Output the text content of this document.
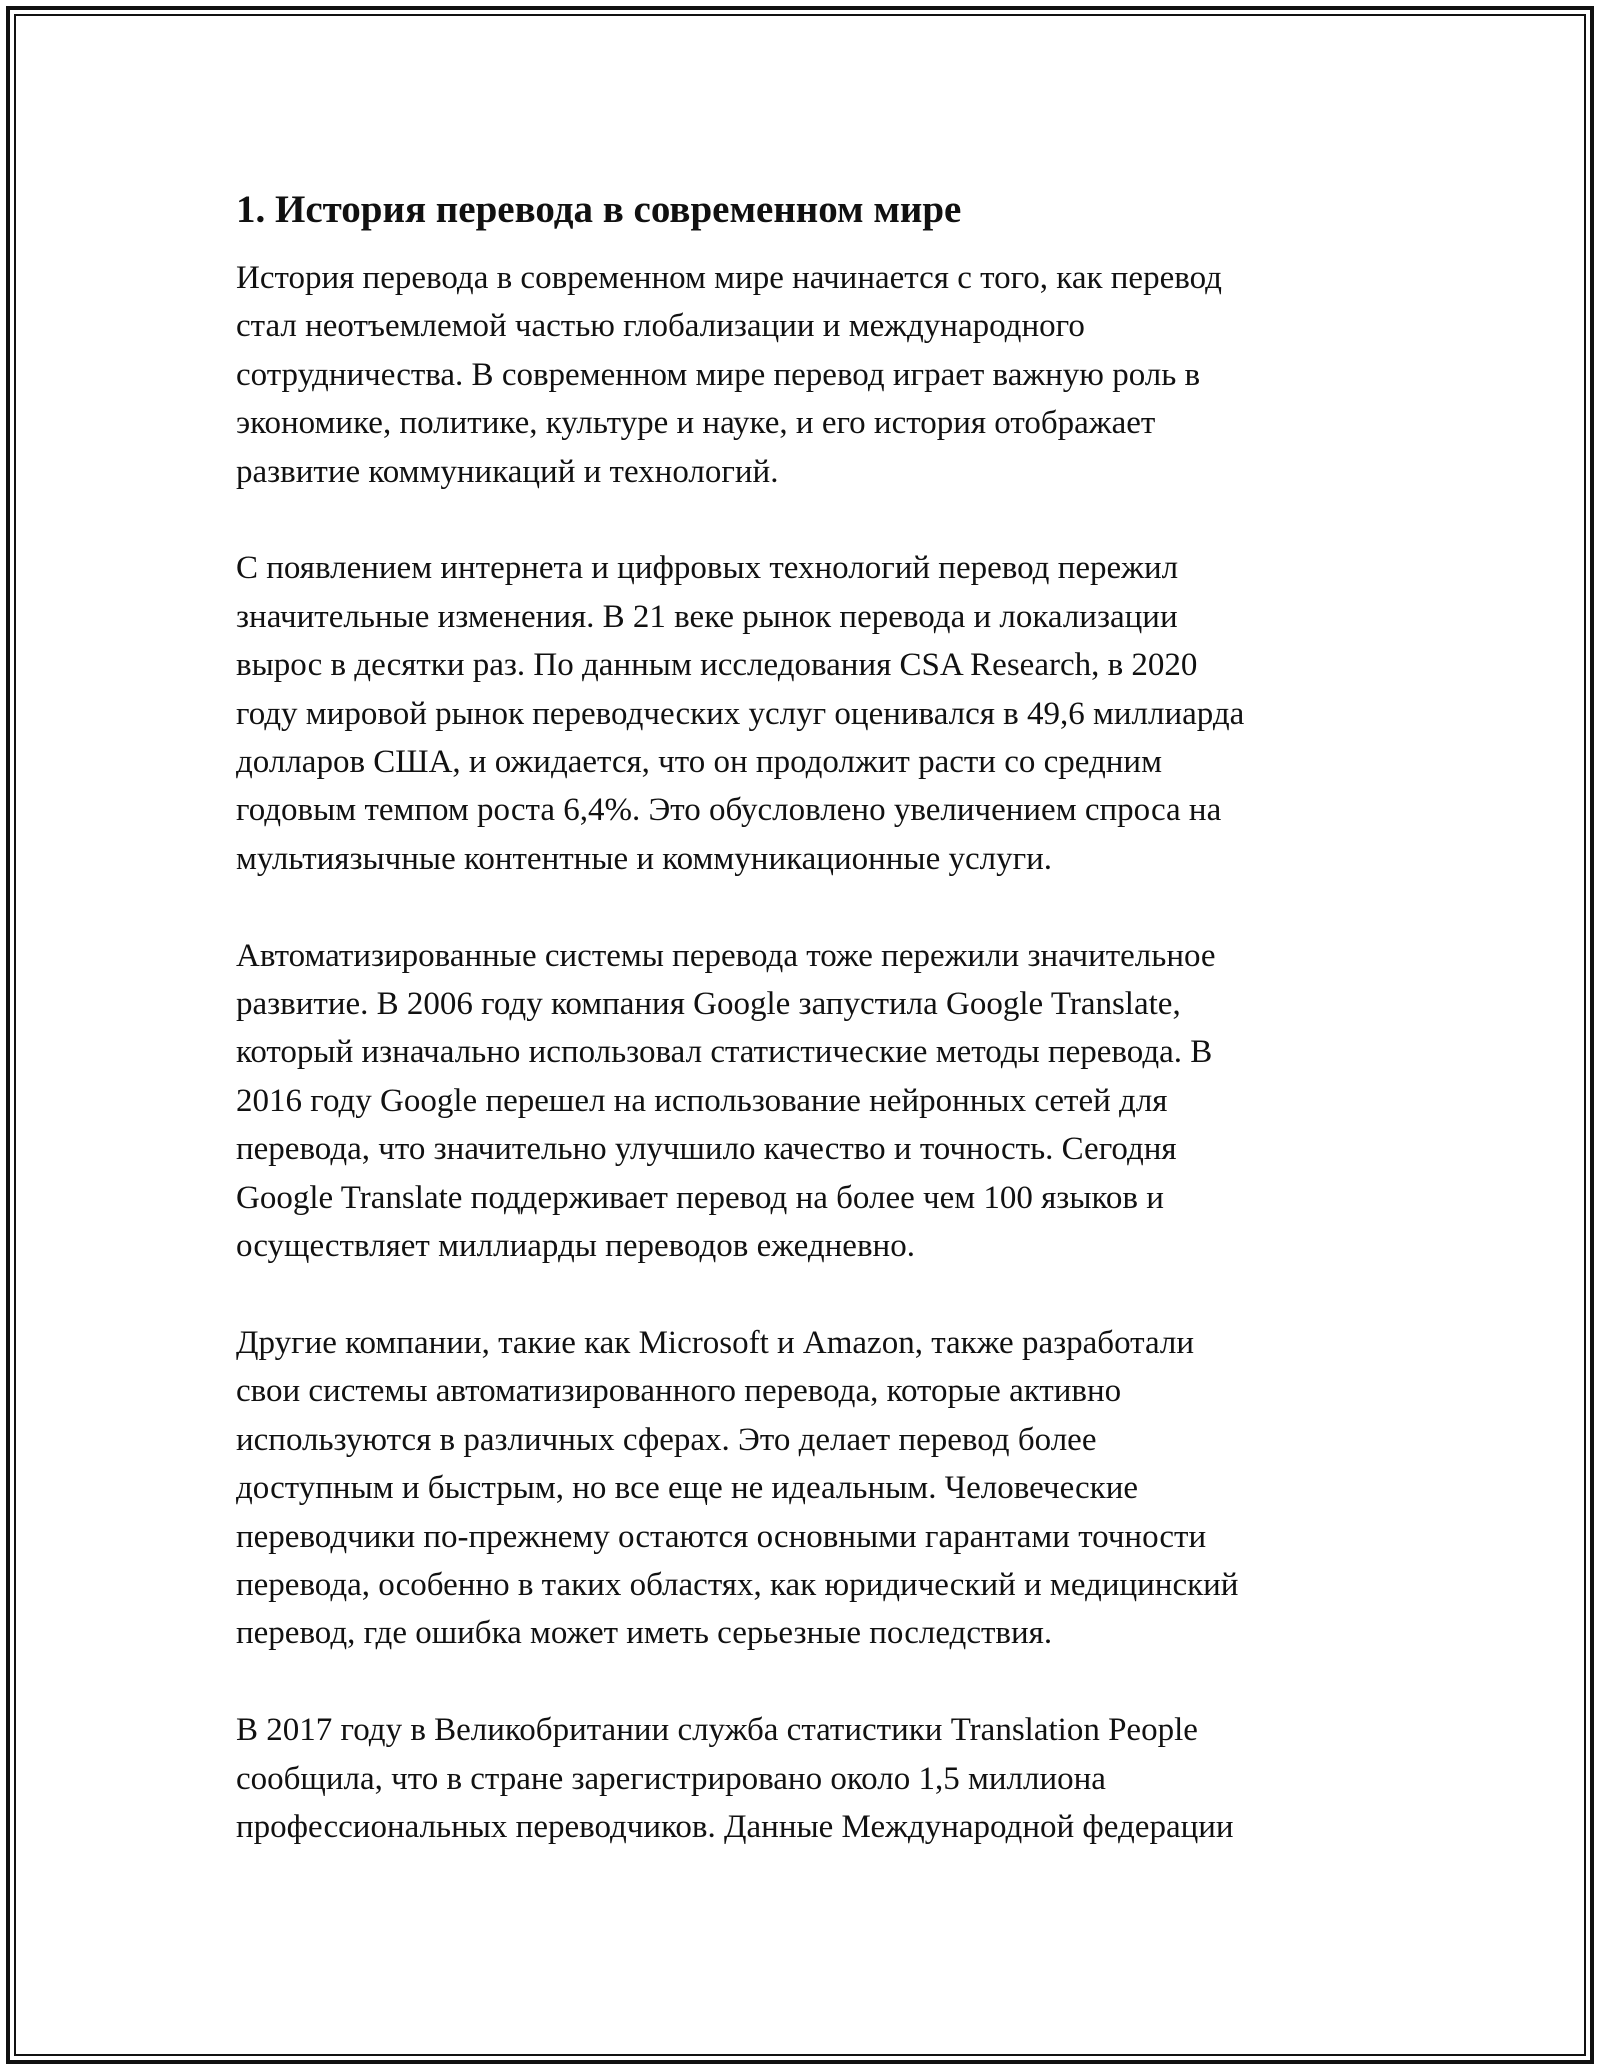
1. История перевода в современном мире
История перевода в современном мире начинается с того, как перевод
стал неотъемлемой частью глобализации и международного
сотрудничества. В современном мире перевод играет важную роль в
экономике, политике, культуре и науке, и его история отображает
развитие коммуникаций и технологий.
С появлением интернета и цифровых технологий перевод пережил
значительные изменения. В 21 веке рынок перевода и локализации
вырос в десятки раз. По данным исследования CSA Research, в 2020
году мировой рынок переводческих услуг оценивался в 49,6 миллиарда
долларов США, и ожидается, что он продолжит расти со средним
годовым темпом роста 6,4%. Это обусловлено увеличением спроса на
мультиязычные контентные и коммуникационные услуги.
Автоматизированные системы перевода тоже пережили значительное
развитие. В 2006 году компания Google запустила Google Translate,
который изначально использовал статистические методы перевода. В
2016 году Google перешел на использование нейронных сетей для
перевода, что значительно улучшило качество и точность. Сегодня
Google Translate поддерживает перевод на более чем 100 языков и
осуществляет миллиарды переводов ежедневно.
Другие компании, такие как Microsoft и Amazon, также разработали
свои системы автоматизированного перевода, которые активно
используются в различных сферах. Это делает перевод более
доступным и быстрым, но все еще не идеальным. Человеческие
переводчики по-прежнему остаются основными гарантами точности
перевода, особенно в таких областях, как юридический и медицинский
перевод, где ошибка может иметь серьезные последствия.
В 2017 году в Великобритании служба статистики Translation People
сообщила, что в стране зарегистрировано около 1,5 миллиона
профессиональных переводчиков. Данные Международной федерации
